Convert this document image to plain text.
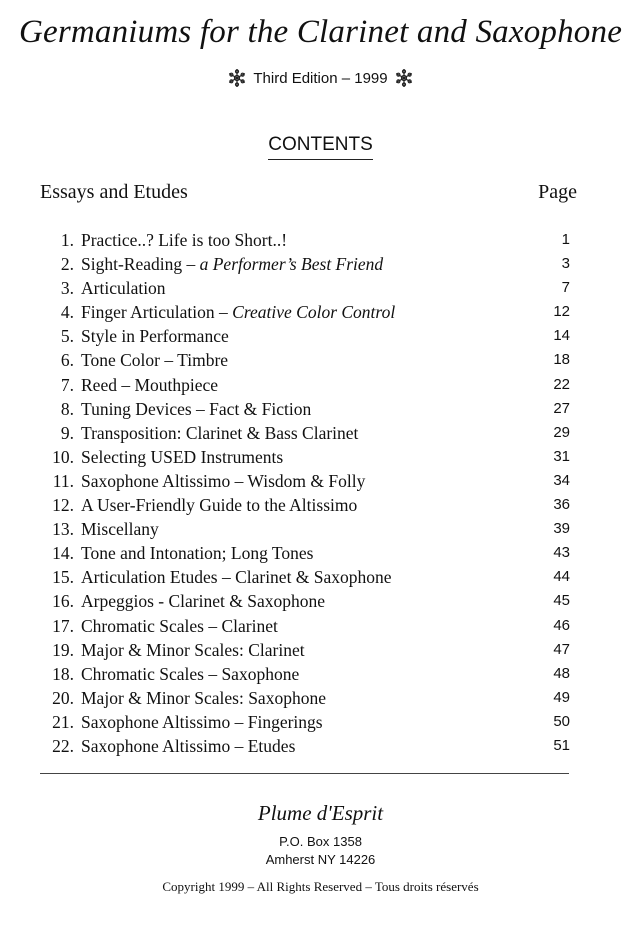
Germaniums for the Clarinet and Saxophone
Third Edition – 1999
CONTENTS
Essays and Etudes	Page
1. Practice..? Life is too Short..!	1
2. Sight-Reading – a Performer’s Best Friend	3
3. Articulation	7
4. Finger Articulation – Creative Color Control	12
5. Style in Performance	14
6. Tone Color – Timbre	18
7. Reed – Mouthpiece	22
8. Tuning Devices – Fact & Fiction	27
9. Transposition: Clarinet & Bass Clarinet	29
10. Selecting USED Instruments	31
11. Saxophone Altissimo – Wisdom & Folly	34
12. A User-Friendly Guide to the Altissimo	36
13. Miscellany	39
14. Tone and Intonation; Long Tones	43
15. Articulation Etudes – Clarinet & Saxophone	44
16. Arpeggios - Clarinet & Saxophone	45
17. Chromatic Scales – Clarinet	46
19. Major & Minor Scales: Clarinet	47
18. Chromatic Scales – Saxophone	48
20. Major & Minor Scales: Saxophone	49
21. Saxophone Altissimo – Fingerings	50
22. Saxophone Altissimo – Etudes	51
Plume d'Esprit
P.O. Box 1358
Amherst NY 14226
Copyright 1999 – All Rights Reserved – Tous droits réservés
